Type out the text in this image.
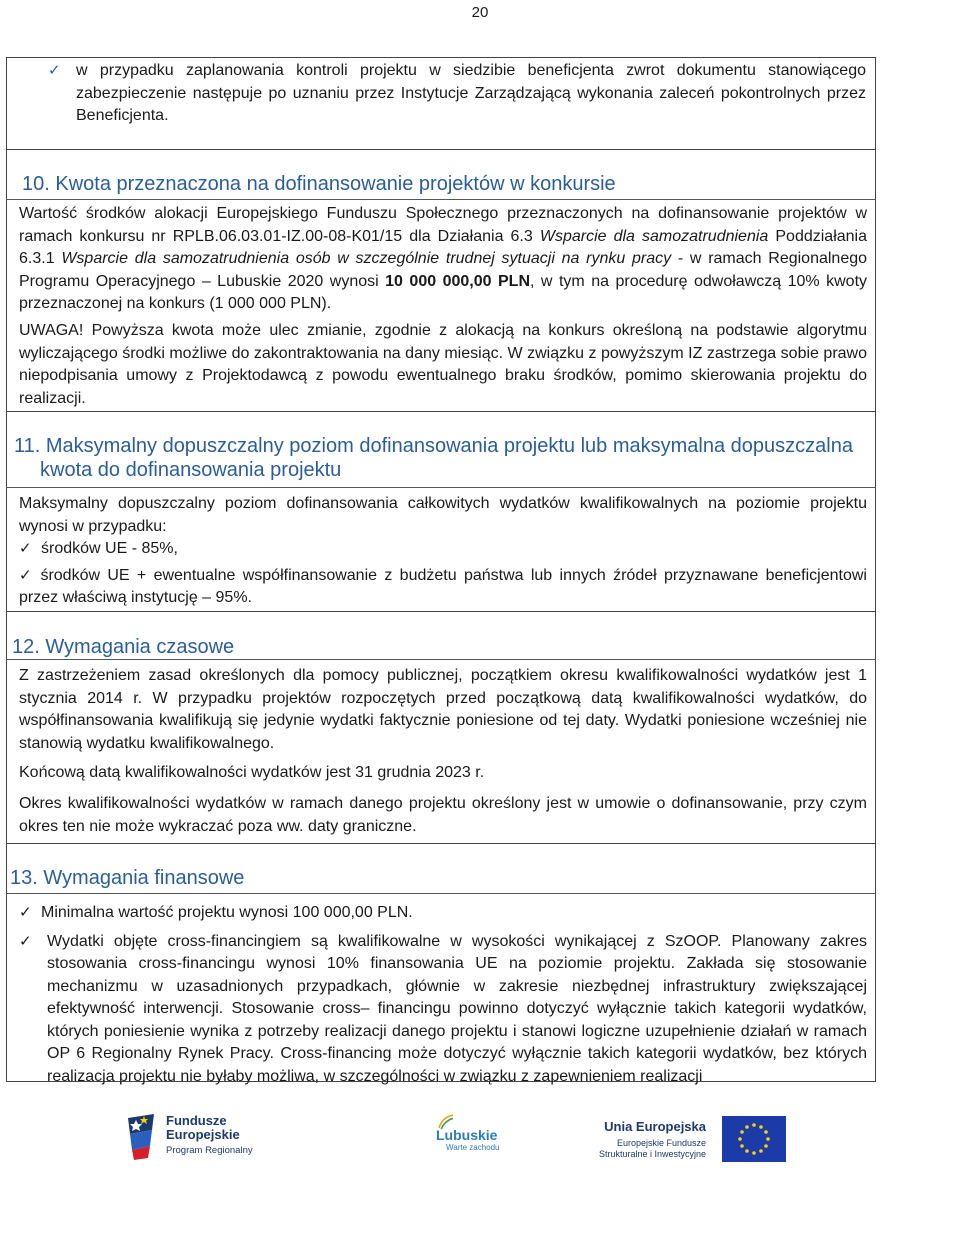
20
✓ w przypadku zaplanowania kontroli projektu w siedzibie beneficjenta zwrot dokumentu stanowiącego zabezpieczenie następuje po uznaniu przez Instytucje Zarządzającą wykonania zaleceń pokontrolnych przez Beneficjenta.

10. Kwota przeznaczona na dofinansowanie projektów w konkursie

Wartość środków alokacji Europejskiego Funduszu Społecznego przeznaczonych na dofinansowanie projektów w ramach konkursu nr RPLB.06.03.01-IZ.00-08-K01/15 dla Działania 6.3 Wsparcie dla samozatrudnienia Poddziałania 6.3.1 Wsparcie dla samozatrudnienia osób w szczególnie trudnej sytuacji na rynku pracy - w ramach Regionalnego Programu Operacyjnego – Lubuskie 2020 wynosi 10 000 000,00 PLN, w tym na procedurę odwoławczą 10% kwoty przeznaczonej na konkurs (1 000 000 PLN).

UWAGA! Powyższa kwota może ulec zmianie, zgodnie z alokacją na konkurs określoną na podstawie algorytmu wyliczającego środki możliwe do zakontraktowania na dany miesiąc. W związku z powyższym IZ zastrzega sobie prawo niepodpisania umowy z Projektodawcą z powodu ewentualnego braku środków, pomimo skierowania projektu do realizacji.

11. Maksymalny dopuszczalny poziom dofinansowania projektu lub maksymalna dopuszczalna
kwota do dofinansowania projektu

Maksymalny dopuszczalny poziom dofinansowania całkowitych wydatków kwalifikowalnych na poziomie projektu wynosi w przypadku:

✓ środków UE - 85%,
✓ środków UE + ewentualne współfinansowanie z budżetu państwa lub innych źródeł przyznawane beneficjentowi przez właściwą instytucję – 95%.
12. Wymagania czasowe

Z zastrzeżeniem zasad określonych dla pomocy publicznej, początkiem okresu kwalifikowalności wydatków jest 1 stycznia 2014 r. W przypadku projektów rozpoczętych przed początkową datą kwalifikowalności wydatków, do współfinansowania kwalifikują się jedynie wydatki faktycznie poniesione od tej daty. Wydatki poniesione wcześniej nie stanowią wydatku kwalifikowalnego.

Końcową datą kwalifikowalności wydatków jest 31 grudnia 2023 r.

Okres kwalifikowalności wydatków w ramach danego projektu określony jest w umowie o dofinansowanie, przy czym okres ten nie może wykraczać poza ww. daty graniczne.

13. Wymagania finansowe
✓ Minimalna wartość projektu wynosi 100 000,00 PLN.
✓ Wydatki objęte cross-financingiem są kwalifikowalne w wysokości wynikającej z SzOOP. Planowany zakres stosowania cross-financingu wynosi 10% finansowania UE na poziomie projektu. Zakłada się stosowanie mechanizmu w uzasadnionych przypadkach, głównie w zakresie niezbędnej infrastruktury zwiększającej efektywność interwencji. Stosowanie cross– financingu powinno dotyczyć wyłącznie takich kategorii wydatków, których poniesienie wynika z potrzeby realizacji danego projektu i stanowi logiczne uzupełnienie działań w ramach OP 6 Regionalny Rynek Pracy. Cross-financing może dotyczyć wyłącznie takich kategorii wydatków, bez których realizacja projektu nie byłaby możliwa, w szczególności w związku z zapewnieniem realizacji

Fundusze
Europejskie
Program Regionalny
Lubuskie
Warte zachodu
Unia Europejska
Europejskie Fundusze
Strukturalne i Inwestycyjne
